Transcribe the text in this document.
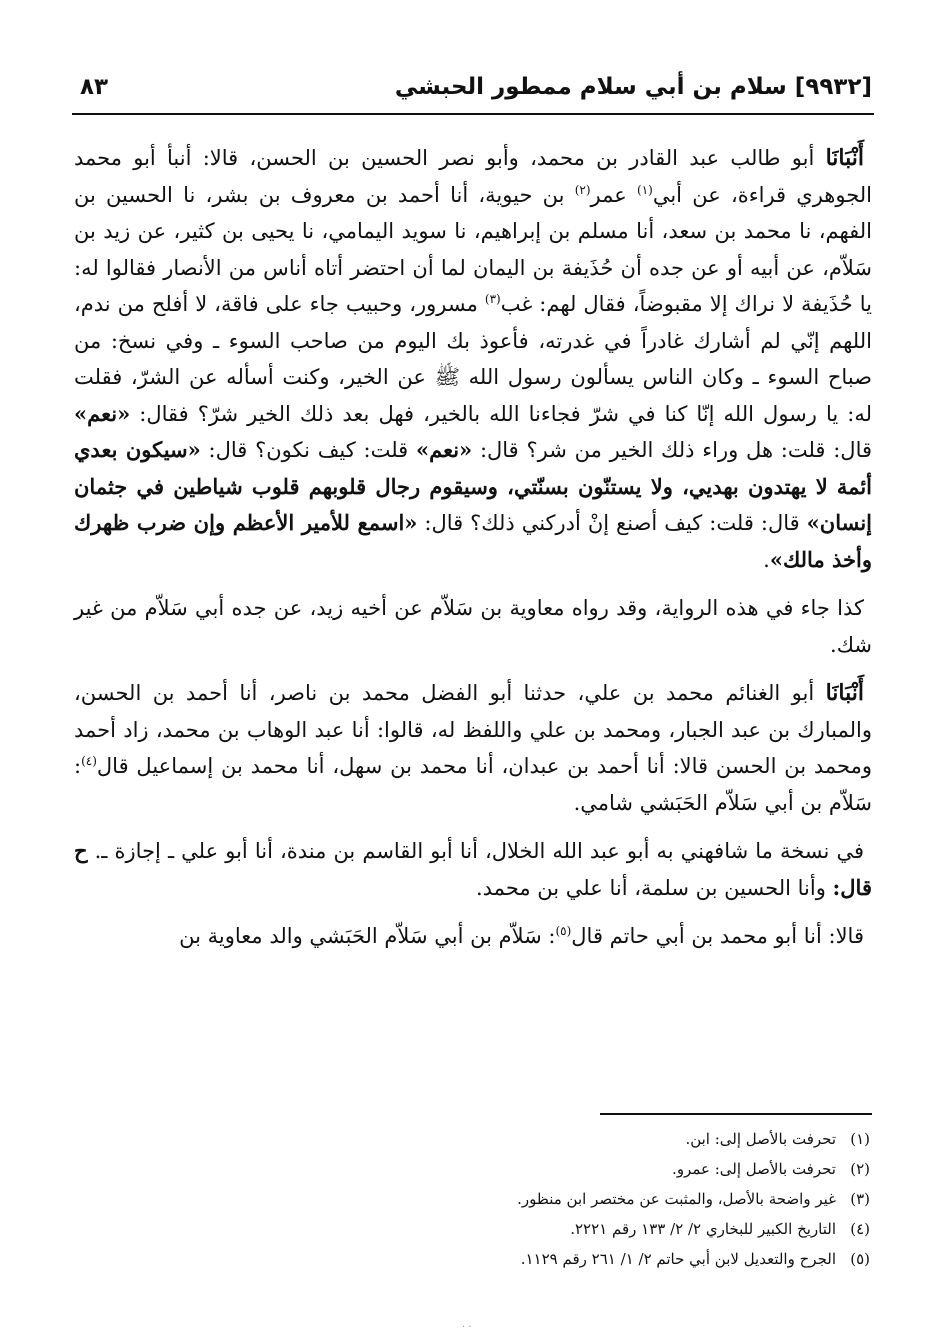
[٩٩٣٢] سلام بن أبي سلام ممطور الحبشي
٨٣

أَنْبَانَا أبو طالب عبد القادر بن محمد، وأبو نصر الحسين بن الحسن، قالا: أنبأ أبو محمد الجوهري قراءة، عن أبي$^{(١)}$ عمر$^{(٢)}$ بن حيوية، أنا أحمد بن معروف بن بشر، نا الحسين بن الفهم، نا محمد بن سعد، أنا مسلم بن إبراهيم، نا سويد اليمامي، نا يحيى بن كثير، عن زيد بن سَلاّم، عن أبيه أو عن جده أن حُذَيفة بن اليمان لما أن احتضر أتاه أناس من الأنصار فقالوا له: يا حُذَيفة لا نراك إلا مقبوضاً، فقال لهم: غب$^{(٣)}$ مسرور، وحبيب جاء على فاقة، لا أفلح من ندم، اللهم إنّي لم أشارك غادراً في غدرته، فأعوذ بك اليوم من صاحب السوء ـ وفي نسخ: من صباح السوء ـ وكان الناس يسألون رسول الله ﷺ عن الخير، وكنت أسأله عن الشرّ، فقلت له: يا رسول الله إنّا كنا في شرّ فجاءنا الله بالخير، فهل بعد ذلك الخير شرّ؟ فقال: «نعم» قال: قلت: هل وراء ذلك الخير من شر؟ قال: «نعم» قلت: كيف نكون؟ قال: «سيكون بعدي أئمة لا يهتدون بهديي، ولا يستنّون بسنّتي، وسيقوم رجال قلوبهم قلوب شياطين في جثمان إنسان» قال: قلت: كيف أصنع إنْ أدركني ذلك؟ قال: «اسمع للأمير الأعظم وإن ضرب ظهرك وأخذ مالك».

كذا جاء في هذه الرواية، وقد رواه معاوية بن سَلاّم عن أخيه زيد، عن جده أبي سَلاّم من غير شك.

أَنْبَانَا أبو الغنائم محمد بن علي، حدثنا أبو الفضل محمد بن ناصر، أنا أحمد بن الحسن، والمبارك بن عبد الجبار، ومحمد بن علي واللفظ له، قالوا: أنا عبد الوهاب بن محمد، زاد أحمد ومحمد بن الحسن قالا: أنا أحمد بن عبدان، أنا محمد بن سهل، أنا محمد بن إسماعيل قال$^{(٤)}$: سَلاّم بن أبي سَلاّم الحَبَشي شامي.

في نسخة ما شافهني به أبو عبد الله الخلال، أنا أبو القاسم بن مندة، أنا أبو علي ـ إجازة ـ. ح قال: وأنا الحسين بن سلمة، أنا علي بن محمد.

قالا: أنا أبو محمد بن أبي حاتم قال$^{(٥)}$: سَلاّم بن أبي سَلاّم الحَبَشي والد معاوية بن

(١)تحرفت بالأصل إلى: ابن.
(٢)تحرفت بالأصل إلى: عمرو.
(٣)غير واضحة بالأصل، والمثبت عن مختصر ابن منظور.
(٤)التاريخ الكبير للبخاري ٢/ ٢/ ١٣٣ رقم ٢٢٢١.
(٥)الجرح والتعديل لابن أبي حاتم ٢/ ١/ ٢٦١ رقم ١١٢٩.
· ·
